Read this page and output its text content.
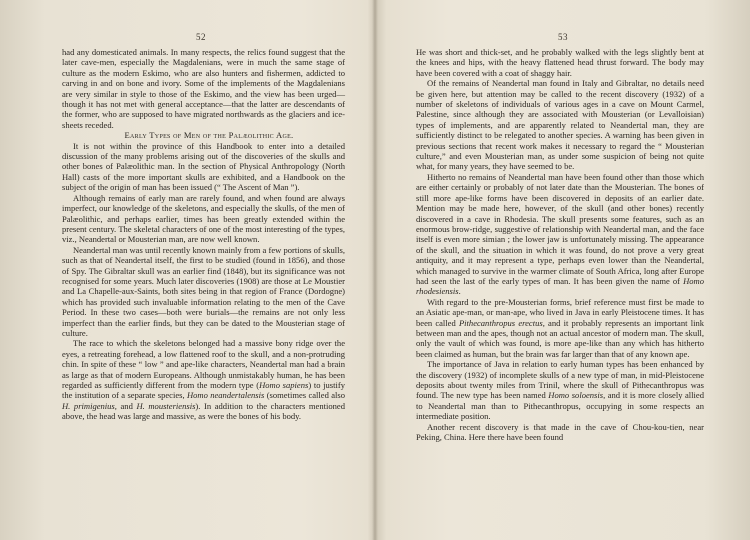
52

had any domesticated animals. In many respects, the relics found suggest that the later cave-men, especially the Magdalenians, were in much the same stage of culture as the modern Eskimo, who are also hunters and fishermen, addicted to carving in and on bone and ivory. Some of the implements of the Magdalenians are very similar in style to those of the Eskimo, and the view has been urged—though it has not met with general acceptance—that the latter are descendants of the former, who are supposed to have migrated northwards as the glaciers and ice-sheets receded.

Early Types of Men of the Palæolithic Age.

It is not within the province of this Handbook to enter into a detailed discussion of the many problems arising out of the discoveries of the skulls and other bones of Palæolithic man. In the section of Physical Anthropology (North Hall) casts of the more important skulls are exhibited, and a Handbook on the subject of the origin of man has been issued (“ The Ascent of Man ”).

Although remains of early man are rarely found, and when found are always imperfect, our knowledge of the skeletons, and especially the skulls, of the men of Palæolithic, and perhaps earlier, times has been greatly extended within the present century. The skeletal characters of one of the most interesting of the types, viz., Neandertal or Mousterian man, are now well known.

Neandertal man was until recently known mainly from a few portions of skulls, such as that of Neandertal itself, the first to be studied (found in 1856), and those of Spy. The Gibraltar skull was an earlier find (1848), but its significance was not recognised for some years. Much later discoveries (1908) are those at Le Moustier and La Chapelle-aux-Saints, both sites being in that region of France (Dordogne) which has provided such invaluable information relating to the men of the Cave Period. In these two cases—both were burials—the remains are not only less imperfect than the earlier finds, but they can be dated to the Mousterian stage of culture.

The race to which the skeletons belonged had a massive bony ridge over the eyes, a retreating forehead, a low flattened roof to the skull, and a non-protruding chin. In spite of these “ low ” and ape-like characters, Neandertal man had a brain as large as that of modern Europeans. Although unmistakably human, he has been regarded as sufficiently different from the modern type (Homo sapiens) to justify the institution of a separate species, Homo neandertalensis (sometimes called also H. primigenius, and H. mousteriensis). In addition to the characters mentioned above, the head was large and massive, as were the bones of his body.

53

He was short and thick-set, and he probably walked with the legs slightly bent at the knees and hips, with the heavy flattened head thrust forward. The body may have been covered with a coat of shaggy hair.

Of the remains of Neandertal man found in Italy and Gibraltar, no details need be given here, but attention may be called to the recent discovery (1932) of a number of skeletons of individuals of various ages in a cave on Mount Carmel, Palestine, since although they are associated with Mousterian (or Levalloisian) types of implements, and are apparently related to Neandertal man, they are sufficiently distinct to be relegated to another species. A warning has been given in previous sections that recent work makes it necessary to regard the “ Mousterian culture,” and even Mousterian man, as under some suspicion of being not quite what, for many years, they have seemed to be.

Hitherto no remains of Neandertal man have been found other than those which are either certainly or probably of not later date than the Mousterian. The bones of still more ape-like forms have been discovered in deposits of an earlier date. Mention may be made here, however, of the skull (and other bones) recently discovered in a cave in Rhodesia. The skull presents some features, such as an enormous brow-ridge, suggestive of relationship with Neandertal man, and the face itself is even more simian ; the lower jaw is unfortunately missing. The appearance of the skull, and the situation in which it was found, do not prove a very great antiquity, and it may represent a type, perhaps even lower than the Neandertal, which managed to survive in the warmer climate of South Africa, long after Europe had seen the last of the early types of man. It has been given the name of Homo rhodesiensis.

With regard to the pre-Mousterian forms, brief reference must first be made to an Asiatic ape-man, or man-ape, who lived in Java in early Pleistocene times. It has been called Pithecanthropus erectus, and it probably represents an important link between man and the apes, though not an actual ancestor of modern man. The skull, only the vault of which was found, is more ape-like than any which has hitherto been claimed as human, but the brain was far larger than that of any known ape.

The importance of Java in relation to early human types has been enhanced by the discovery (1932) of incomplete skulls of a new type of man, in mid-Pleistocene deposits about twenty miles from Trinil, where the skull of Pithecanthropus was found. The new type has been named Homo soloensis, and it is more closely allied to Neandertal man than to Pithecanthropus, occupying in some respects an intermediate position.

Another recent discovery is that made in the cave of Chou-kou-tien, near Peking, China. Here there have been found
